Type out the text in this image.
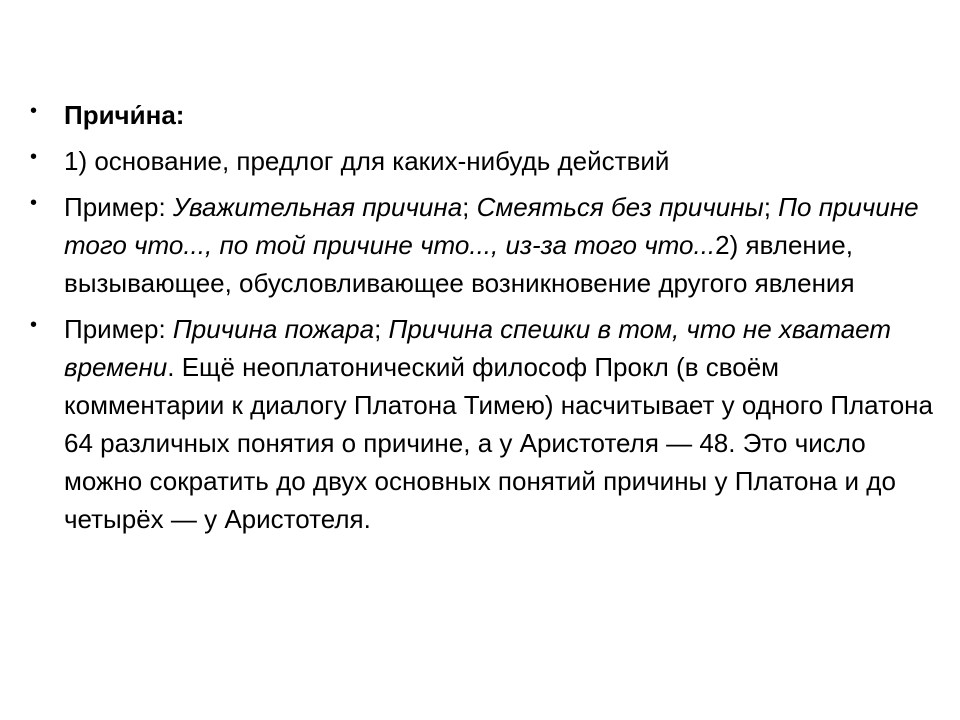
• Причи́на:
• 1) основание, предлог для каких-нибудь действий
• Пример: Уважительная причина; Смеяться без причины; По причине того что..., по той причине что..., из-за того что...2) явление, вызывающее, обусловливающее возникновение другого явления
• Пример: Причина пожара; Причина спешки в том, что не хватает времени. Ещё неоплатонический философ Прокл (в своём комментарии к диалогу Платона Тимею) насчитывает у одного Платона 64 различных понятия о причине, а у Аристотеля — 48. Это число можно сократить до двух основных понятий причины у Платона и до четырёх — у Аристотеля.
